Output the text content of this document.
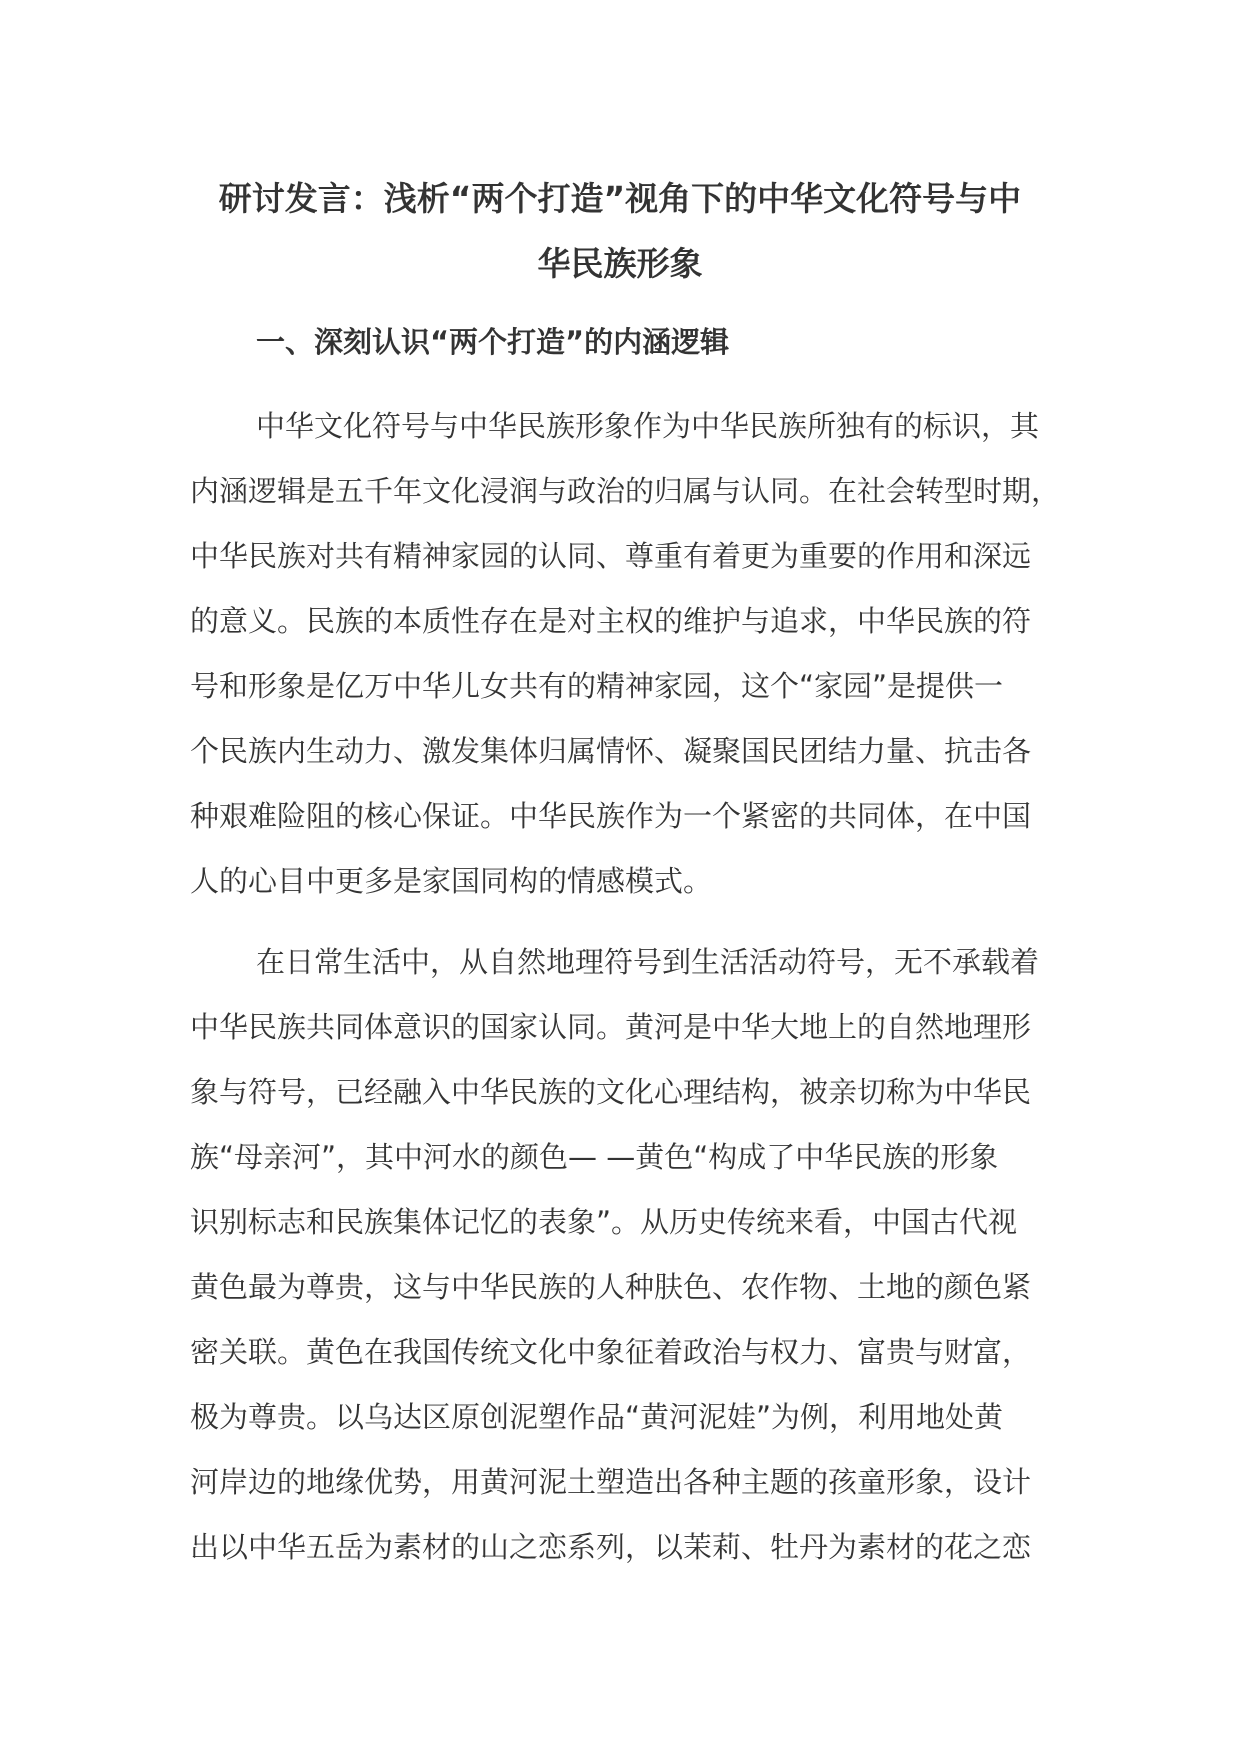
研讨发言：浅析“两个打造”视角下的中华文化符号与中
华民族形象
一、深刻认识“两个打造”的内涵逻辑
中华文化符号与中华民族形象作为中华民族所独有的标识，其
内涵逻辑是五千年文化浸润与政治的归属与认同。在社会转型时期，
中华民族对共有精神家园的认同、尊重有着更为重要的作用和深远
的意义。民族的本质性存在是对主权的维护与追求，中华民族的符
号和形象是亿万中华儿女共有的精神家园，这个“家园”是提供一
个民族内生动力、激发集体归属情怀、凝聚国民团结力量、抗击各
种艰难险阻的核心保证。中华民族作为一个紧密的共同体，在中国
人的心目中更多是家国同构的情感模式。
在日常生活中，从自然地理符号到生活活动符号，无不承载着
中华民族共同体意识的国家认同。黄河是中华大地上的自然地理形
象与符号，已经融入中华民族的文化心理结构，被亲切称为中华民
族“母亲河”，其中河水的颜色— —黄色“构成了中华民族的形象
识别标志和民族集体记忆的表象”。从历史传统来看，中国古代视
黄色最为尊贵，这与中华民族的人种肤色、农作物、土地的颜色紧
密关联。黄色在我国传统文化中象征着政治与权力、富贵与财富，
极为尊贵。以乌达区原创泥塑作品“黄河泥娃”为例，利用地处黄
河岸边的地缘优势，用黄河泥土塑造出各种主题的孩童形象，设计
出以中华五岳为素材的山之恋系列，以茉莉、牡丹为素材的花之恋
